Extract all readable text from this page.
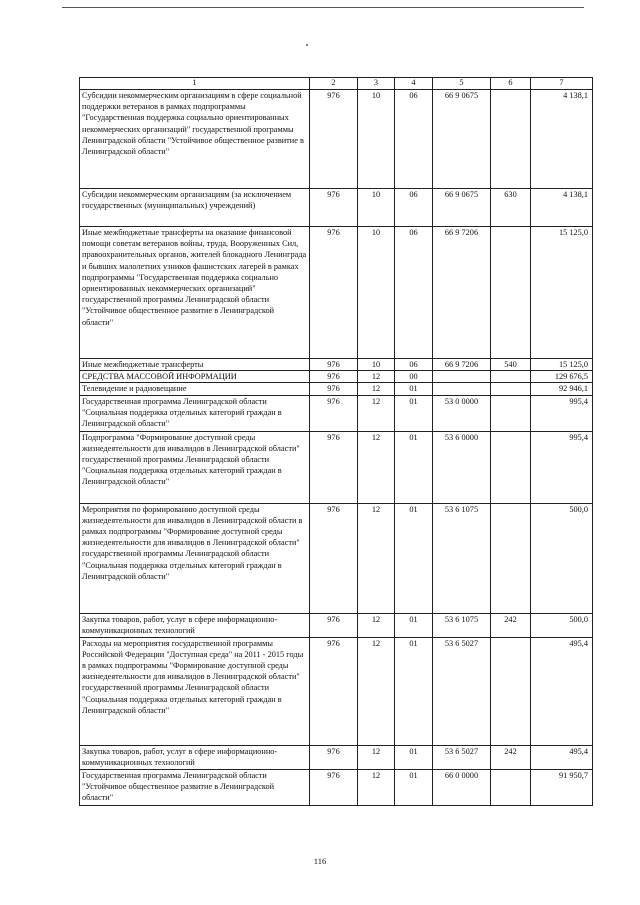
1	2	3	4	5	6	7
Субсидии некоммерческим организациям в сфере социальной поддержки ветеранов в рамках подпрограммы "Государственная поддержка социально ориентированных некоммерческих организаций" государственной программы Ленинградской области "Устойчивое общественное развитие в Ленинградской области"	976	10	06	66 9 0675		4 138,1
Субсидии некоммерческим организациям (за исключением государственных (муниципальных) учреждений)	976	10	06	66 9 0675	630	4 138,1
Иные межбюджетные трансферты на оказание финансовой помощи советам ветеранов войны, труда, Вооруженных Сил, правоохранительных органов, жителей блокадного Ленинграда и бывших малолетних узников фашистских лагерей в рамках подпрограммы "Государственная поддержка социально ориентированных некоммерческих организаций" государственной программы Ленинградской области "Устойчивое общественное развитие в Ленинградской области"	976	10	06	66 9 7206		15 125,0
Иные межбюджетные трансферты	976	10	06	66 9 7206	540	15 125,0
СРЕДСТВА МАССОВОЙ ИНФОРМАЦИИ	976	12	00			129 676,5
Телевидение и радиовещание	976	12	01			92 946,1
Государственная программа Ленинградской области "Социальная поддержка отдельных категорий граждан в Ленинградской области"	976	12	01	53 0 0000		995,4
Подпрограмма "Формирование доступной среды жизнедеятельности для инвалидов в Ленинградской области" государственной программы Ленинградской области "Социальная поддержка отдельных категорий граждан в Ленинградской области"	976	12	01	53 6 0000		995,4
Мероприятия по формированию доступной среды жизнедеятельности для инвалидов в Ленинградской области в рамках подпрограммы "Формирование доступной среды жизнедеятельности для инвалидов в Ленинградской области" государственной программы Ленинградской области "Социальная поддержка отдельных категорий граждан в Ленинградской области"	976	12	01	53 6 1075		500,0
Закупка товаров, работ, услуг в сфере информационно-коммуникационных технологий	976	12	01	53 6 1075	242	500,0
Расходы на мероприятия государственной программы Российской Федерации "Доступная среда" на 2011 - 2015 годы в рамках подпрограммы "Формирование доступной среды жизнедеятельности для инвалидов в Ленинградской области" государственной программы Ленинградской области "Социальная поддержка отдельных категорий граждан в Ленинградской области"	976	12	01	53 6 5027		495,4
Закупка товаров, работ, услуг в сфере информационно-коммуникационных технологий	976	12	01	53 6 5027	242	495,4
Государственная программа Ленинградской области "Устойчивое общественное развитие в Ленинградской области"	976	12	01	66 0 0000		91 950,7
116
